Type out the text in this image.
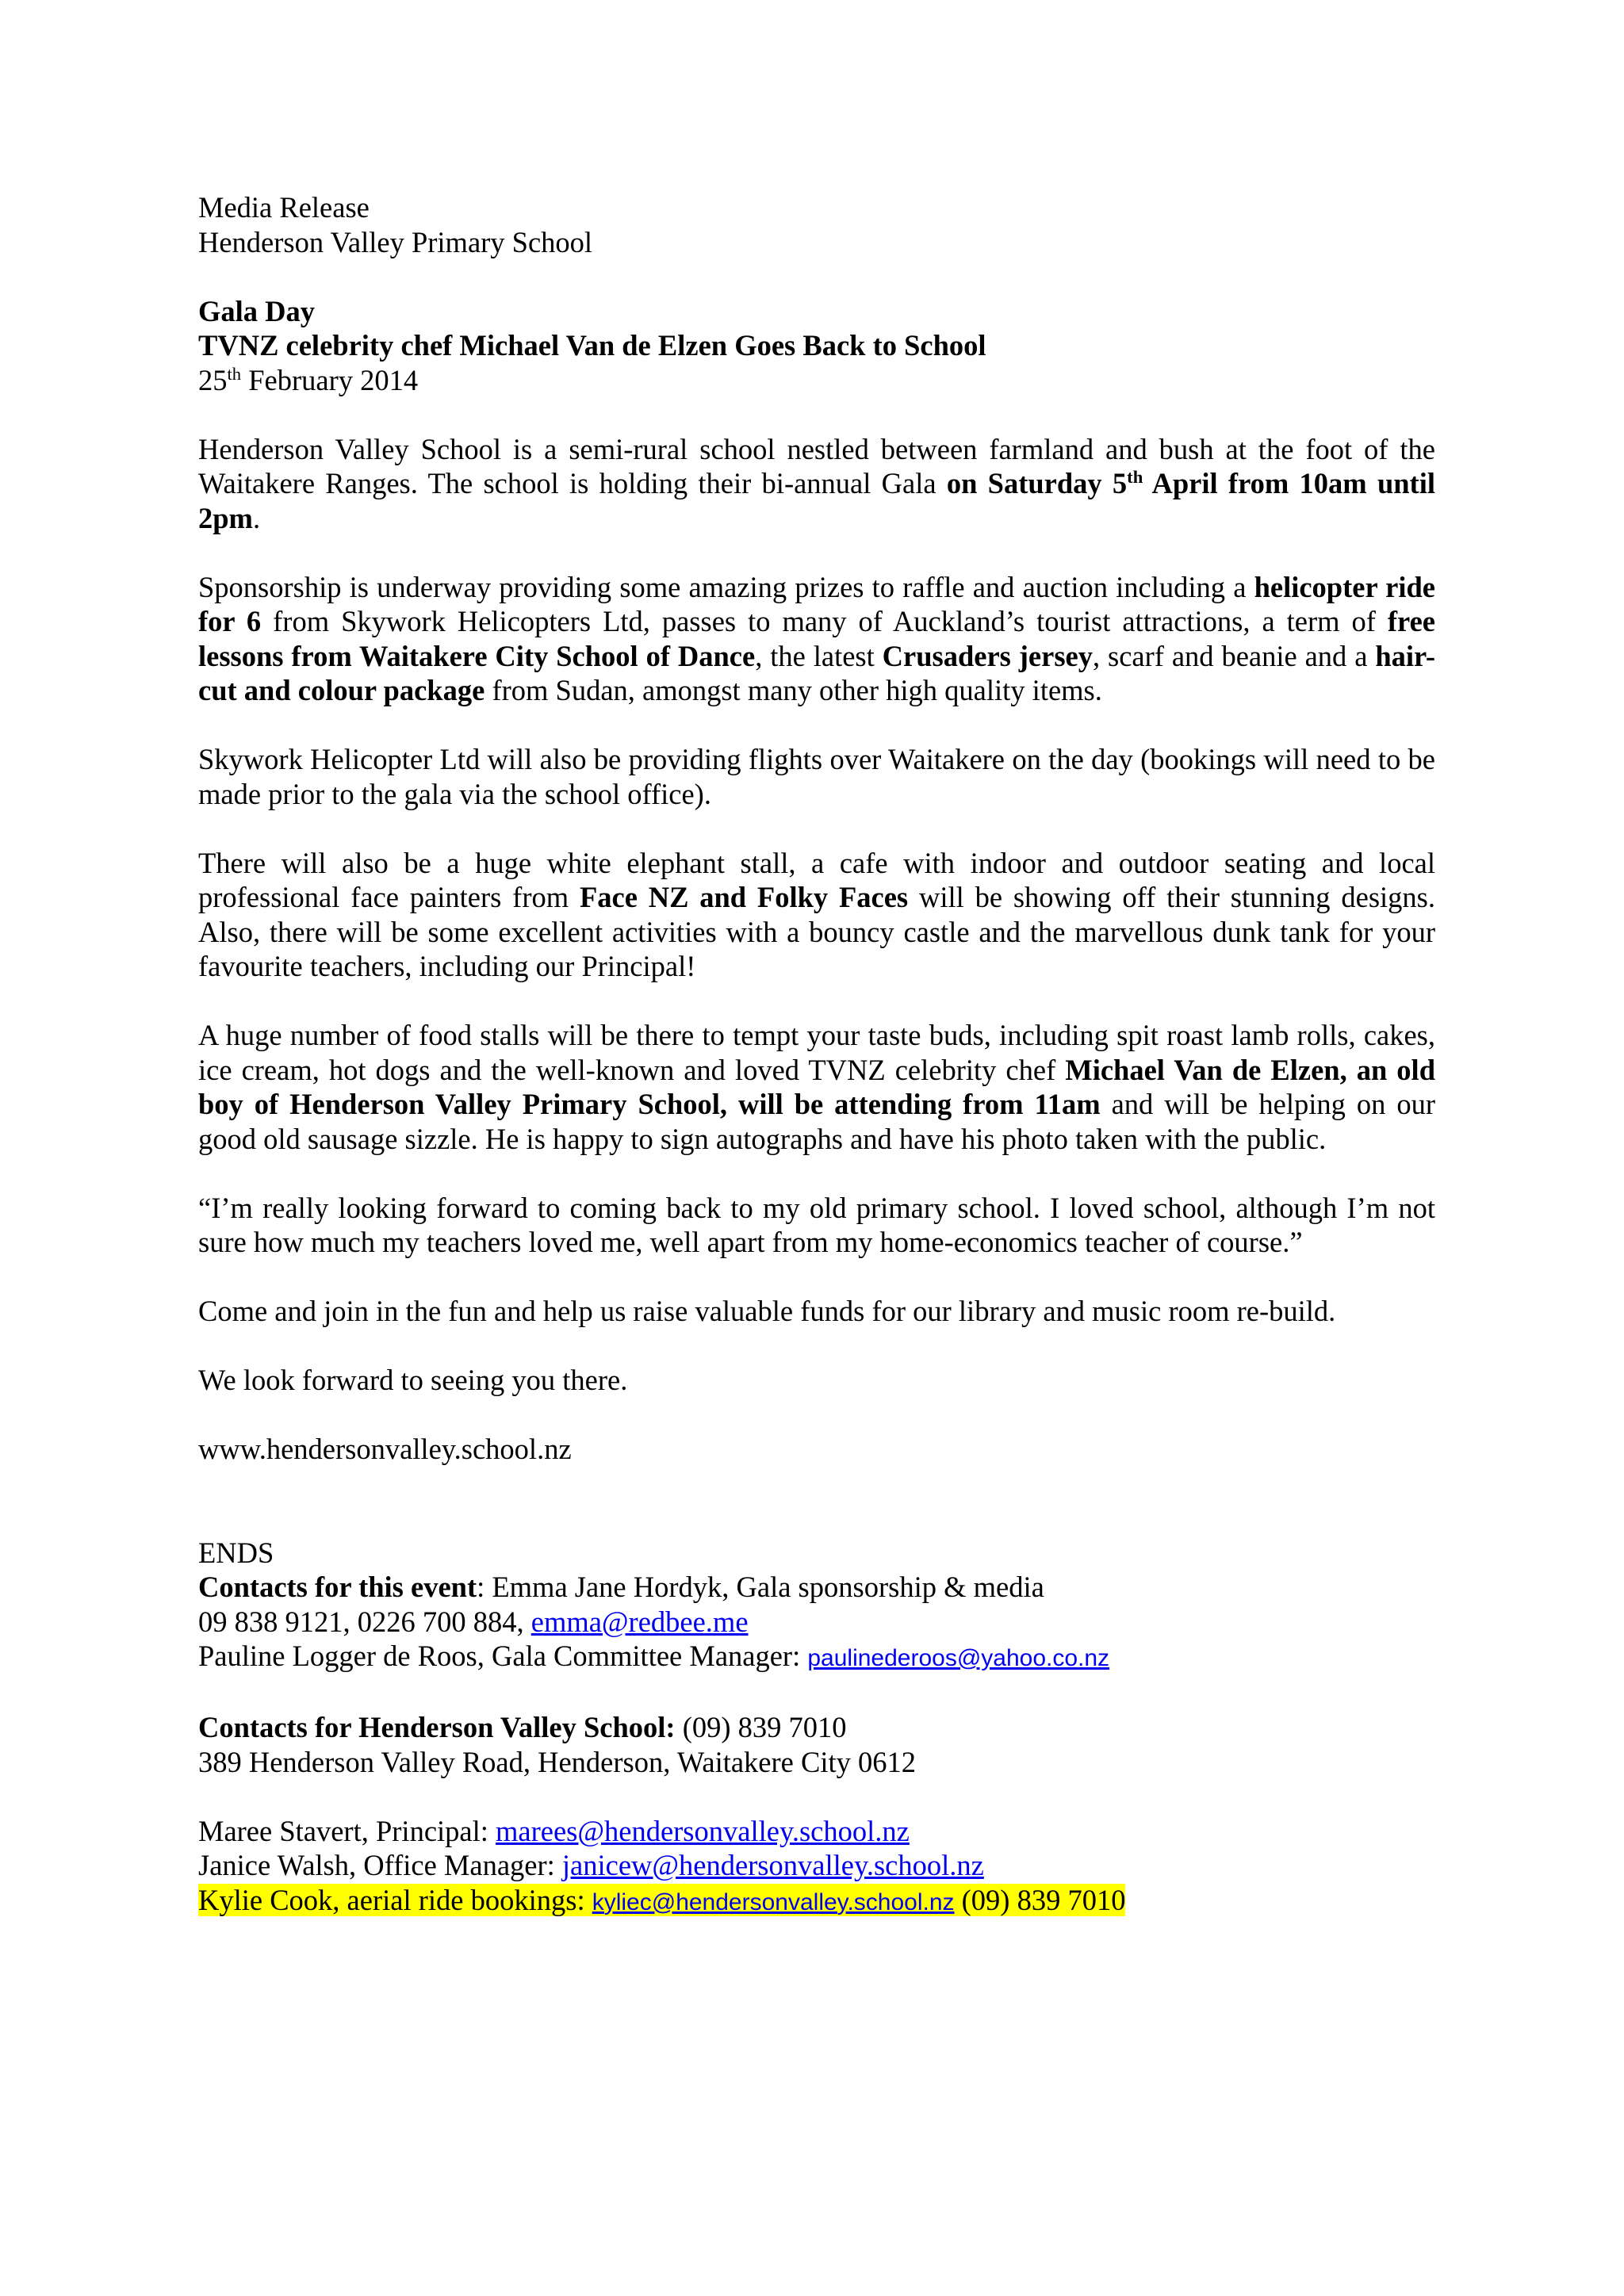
Media Release

Henderson Valley Primary School

Gala Day

TVNZ celebrity chef Michael Van de Elzen Goes Back to School

25th February 2014

Henderson Valley School is a semi-rural school nestled between farmland and bush at the foot of the Waitakere Ranges. The school is holding their bi-annual Gala on Saturday 5th April from 10am until 2pm.

Sponsorship is underway providing some amazing prizes to raffle and auction including a helicopter ride for 6 from Skywork Helicopters Ltd, passes to many of Auckland’s tourist attractions, a term of free lessons from Waitakere City School of Dance, the latest Crusaders jersey, scarf and beanie and a hair-cut and colour package from Sudan, amongst many other high quality items.

Skywork Helicopter Ltd will also be providing flights over Waitakere on the day (bookings will need to be made prior to the gala via the school office).

There will also be a huge white elephant stall, a cafe with indoor and outdoor seating and local professional face painters from Face NZ and Folky Faces will be showing off their stunning designs. Also, there will be some excellent activities with a bouncy castle and the marvellous dunk tank for your favourite teachers, including our Principal!

A huge number of food stalls will be there to tempt your taste buds, including spit roast lamb rolls, cakes, ice cream, hot dogs and the well-known and loved TVNZ celebrity chef Michael Van de Elzen, an old boy of Henderson Valley Primary School, will be attending from 11am and will be helping on our good old sausage sizzle. He is happy to sign autographs and have his photo taken with the public.

“I’m really looking forward to coming back to my old primary school. I loved school, although I’m not sure how much my teachers loved me, well apart from my home-economics teacher of course.”

Come and join in the fun and help us raise valuable funds for our library and music room re-build.

We look forward to seeing you there.

www.hendersonvalley.school.nz

ENDS

Contacts for this event: Emma Jane Hordyk, Gala sponsorship & media

09 838 9121, 0226 700 884, emma@redbee.me

Pauline Logger de Roos, Gala Committee Manager: paulinederoos@yahoo.co.nz

Contacts for Henderson Valley School: (09) 839 7010

389 Henderson Valley Road, Henderson, Waitakere City 0612

Maree Stavert, Principal: marees@hendersonvalley.school.nz

Janice Walsh, Office Manager: janicew@hendersonvalley.school.nz

Kylie Cook, aerial ride bookings: kyliec@hendersonvalley.school.nz (09) 839 7010
